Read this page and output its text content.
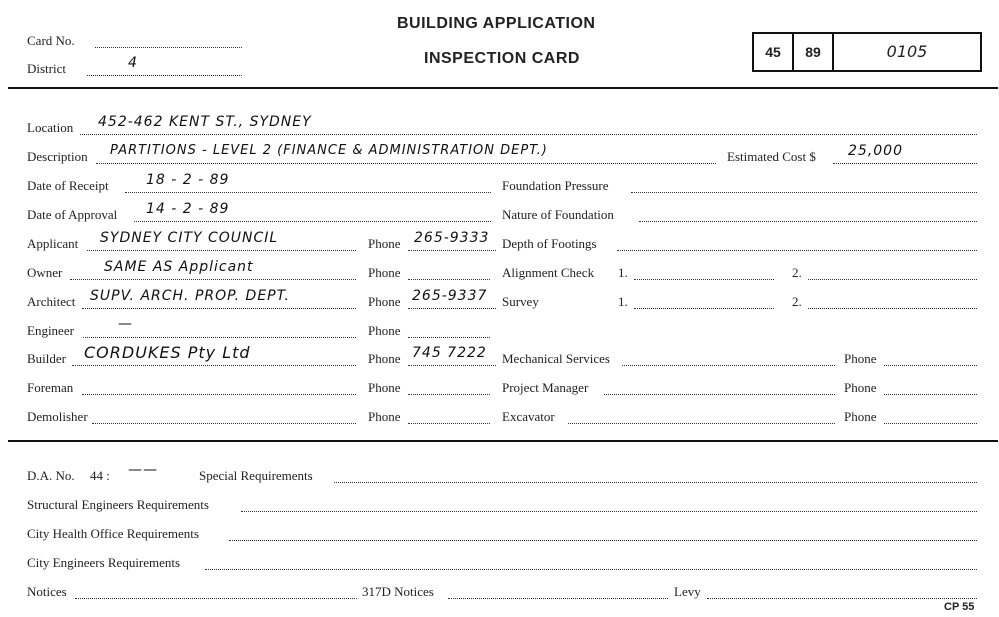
Card No.
District	4
BUILDING APPLICATION
INSPECTION CARD	45	89	0105
Location 452-462 KENT ST., SYDNEY
Description PARTITIONS - LEVEL 2 (FINANCE & ADMINISTRATION DEPT.)	Estimated Cost $ 25,000
Date of Receipt	18 - 2 - 89	Foundation Pressure
Date of Approval 14 - 2 - 89	Nature of Foundation
Applicant SYDNEY CITY COUNCIL	Phone 265-9333 Depth of Footings
Owner	SAME AS Applicant	Phone	Alignment Check 1.	2.
Architect SUPV. ARCH. PROP. DEPT.	Phone 265-9337 Survey	1.	2.
Engineer	—	Phone
Builder CORDUKES Pty Ltd	Phone 745 7222 Mechanical Services	Phone
Foreman	Phone	Project Manager	Phone
Demolisher	Phone	Excavator	Phone
D.A. No. 44 : ——	Special Requirements
Structural Engineers Requirements
City Health Office Requirements
City Engineers Requirements
Notices	317D Notices	Levy
CP 55
